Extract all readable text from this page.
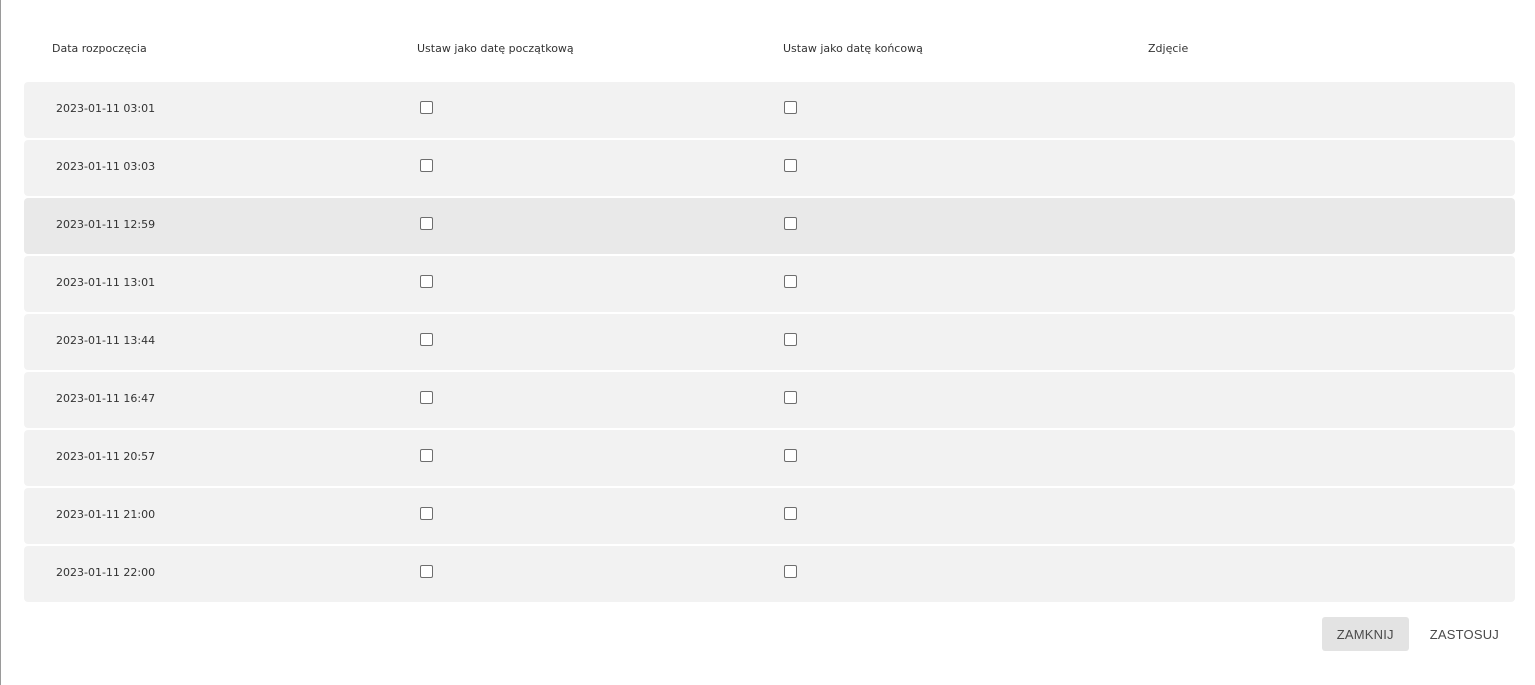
Data rozpoczęcia	Ustaw jako datę początkową	Ustaw jako datę końcową	Zdjęcie
2023-01-11 03:01
2023-01-11 03:03
2023-01-11 12:59
2023-01-11 13:01
2023-01-11 13:44
2023-01-11 16:47
2023-01-11 20:57
2023-01-11 21:00
2023-01-11 22:00
ZAMKNIJ	ZASTOSUJ
